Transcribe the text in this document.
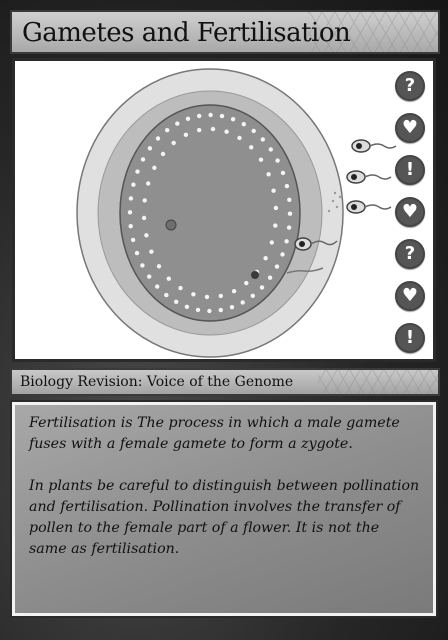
Gametes and Fertilisation
?
♥
!
♥
?
♥
!
Biology Revision: Voice of the Genome

Fertilisation is The process in which a male gamete fuses with a female gamete to form a zygote.

In plants be careful to distinguish between pollination and fertilisation. Pollination involves the transfer of pollen to the female part of a flower. It is not the same as fertilisation.
